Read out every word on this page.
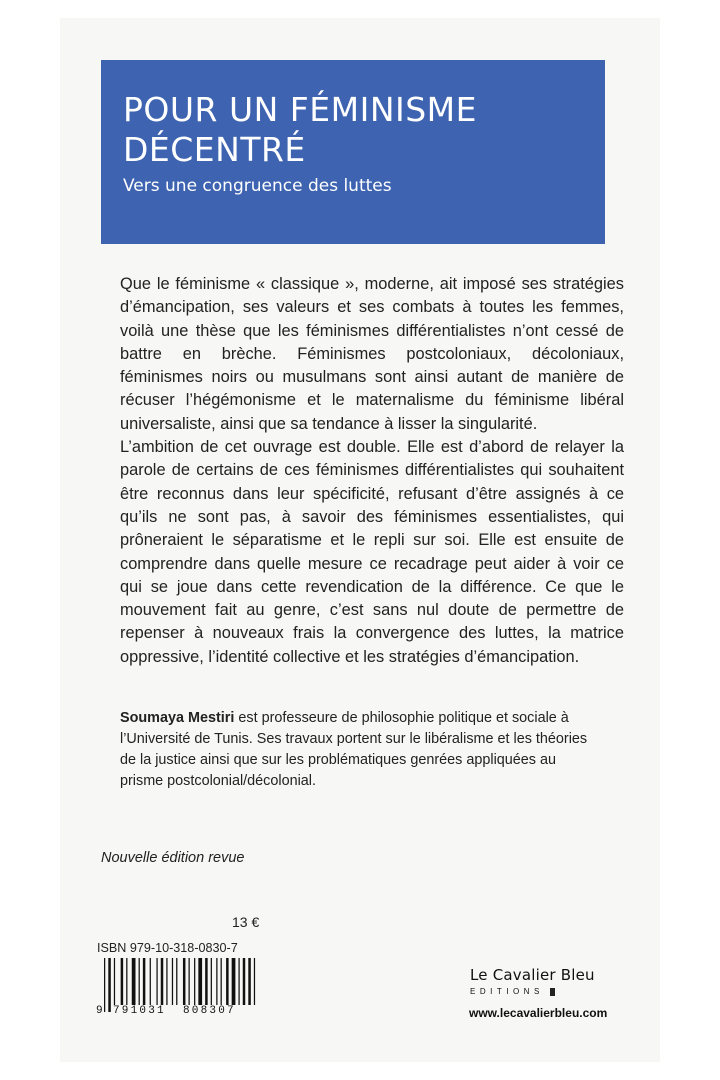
POUR UN FÉMINISME
DÉCENTRÉ
Vers une congruence des luttes

Que le féminisme « classique », moderne, ait imposé ses stratégies d’émancipation, ses valeurs et ses combats à toutes les femmes, voilà une thèse que les féminismes différentialistes n’ont cessé de battre en brèche. Féminismes postcoloniaux, décoloniaux, féminismes noirs ou musulmans sont ainsi autant de manière de récuser l’hégémonisme et le maternalisme du féminisme libéral universaliste, ainsi que sa tendance à lisser la singularité.

L’ambition de cet ouvrage est double. Elle est d’abord de relayer la parole de certains de ces féminismes différentialistes qui souhaitent être reconnus dans leur spécificité, refusant d’être assignés à ce qu’ils ne sont pas, à savoir des féminismes essentialistes, qui prôneraient le séparatisme et le repli sur soi. Elle est ensuite de comprendre dans quelle mesure ce recadrage peut aider à voir ce qui se joue dans cette revendication de la différence. Ce que le mouvement fait au genre, c’est sans nul doute de permettre de repenser à nouveaux frais la convergence des luttes, la matrice oppressive, l’identité collective et les stratégies d’émancipation.

Soumaya Mestiri est professeure de philosophie politique et sociale à l’Université de Tunis. Ses travaux portent sur le libéralisme et les théories de la justice ainsi que sur les problématiques genrées appliquées au prisme postcolonial/décolonial.
Nouvelle édition revue
13 €
ISBN 979-10-318-0830-7
9 791031 808307
Le Cavalier Bleu
EDITIONS
www.lecavalierbleu.com
